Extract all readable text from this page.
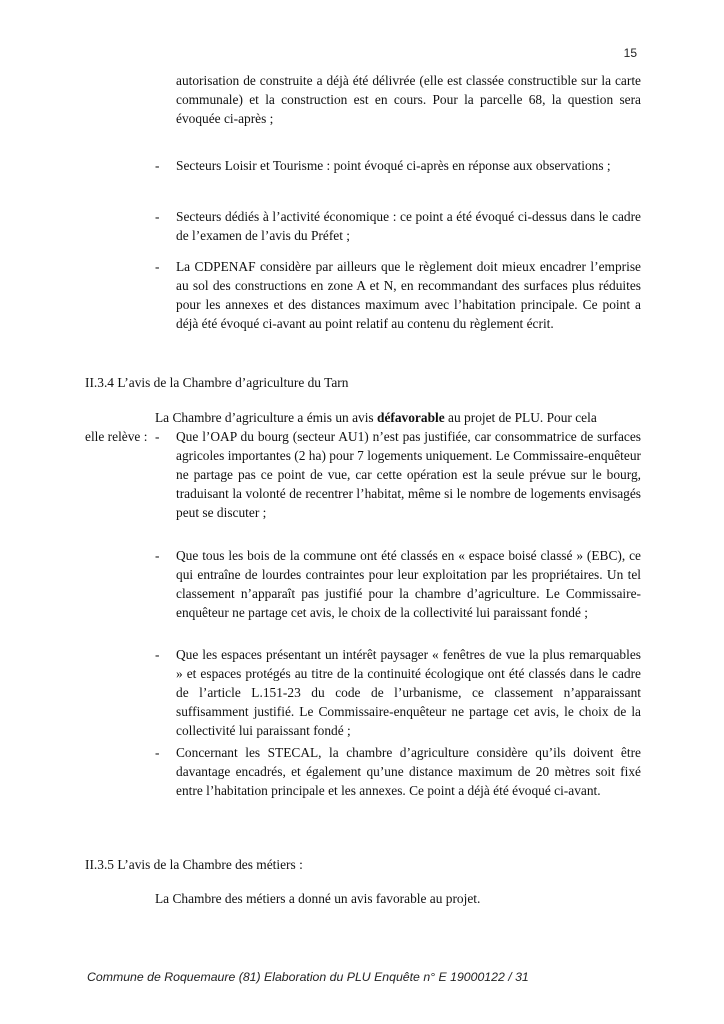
15
autorisation de construite a déjà été délivrée (elle est classée constructible sur la carte communale) et la construction est en cours. Pour la parcelle 68, la question sera évoquée ci-après ;
-	Secteurs Loisir et Tourisme : point évoqué ci-après en réponse aux observations ;
-	Secteurs dédiés à l’activité économique : ce point a été évoqué ci-dessus dans le cadre de l’examen de l’avis du Préfet ;
-	La CDPENAF considère par ailleurs que le règlement doit mieux encadrer l’emprise au sol des constructions en zone A et N, en recommandant des surfaces plus réduites pour les annexes et des distances maximum avec l’habitation principale. Ce point a déjà été évoqué ci-avant au point relatif au contenu du règlement écrit.
II.3.4 L’avis de la Chambre d’agriculture du Tarn
La Chambre d’agriculture a émis un avis défavorable au projet de PLU. Pour cela
elle relève : -	Que l’OAP du bourg (secteur AU1) n’est pas justifiée, car consommatrice de surfaces agricoles importantes (2 ha) pour 7 logements uniquement. Le Commissaire-enquêteur ne partage pas ce point de vue, car cette opération est la seule prévue sur le bourg, traduisant la volonté de recentrer l’habitat, même si le nombre de logements envisagés peut se discuter ;
-	Que tous les bois de la commune ont été classés en « espace boisé classé » (EBC), ce qui entraîne de lourdes contraintes pour leur exploitation par les propriétaires. Un tel classement n’apparaît pas justifié pour la chambre d’agriculture. Le Commissaire-enquêteur ne partage cet avis, le choix de la collectivité lui paraissant fondé ;
-	Que les espaces présentant un intérêt paysager « fenêtres de vue la plus remarquables » et espaces protégés au titre de la continuité écologique ont été classés dans le cadre de l’article L.151-23 du code de l’urbanisme, ce classement n’apparaissant suffisamment justifié. Le Commissaire-enquêteur ne partage cet avis, le choix de la collectivité lui paraissant fondé ;
-	Concernant les STECAL, la chambre d’agriculture considère qu’ils doivent être davantage encadrés, et également qu’une distance maximum de 20 mètres soit fixé entre l’habitation principale et les annexes. Ce point a déjà été évoqué ci-avant.
II.3.5 L’avis de la Chambre des métiers :
La Chambre des métiers a donné un avis favorable au projet.
Commune de Roquemaure (81) Elaboration du PLU Enquête n° E 19000122 / 31
